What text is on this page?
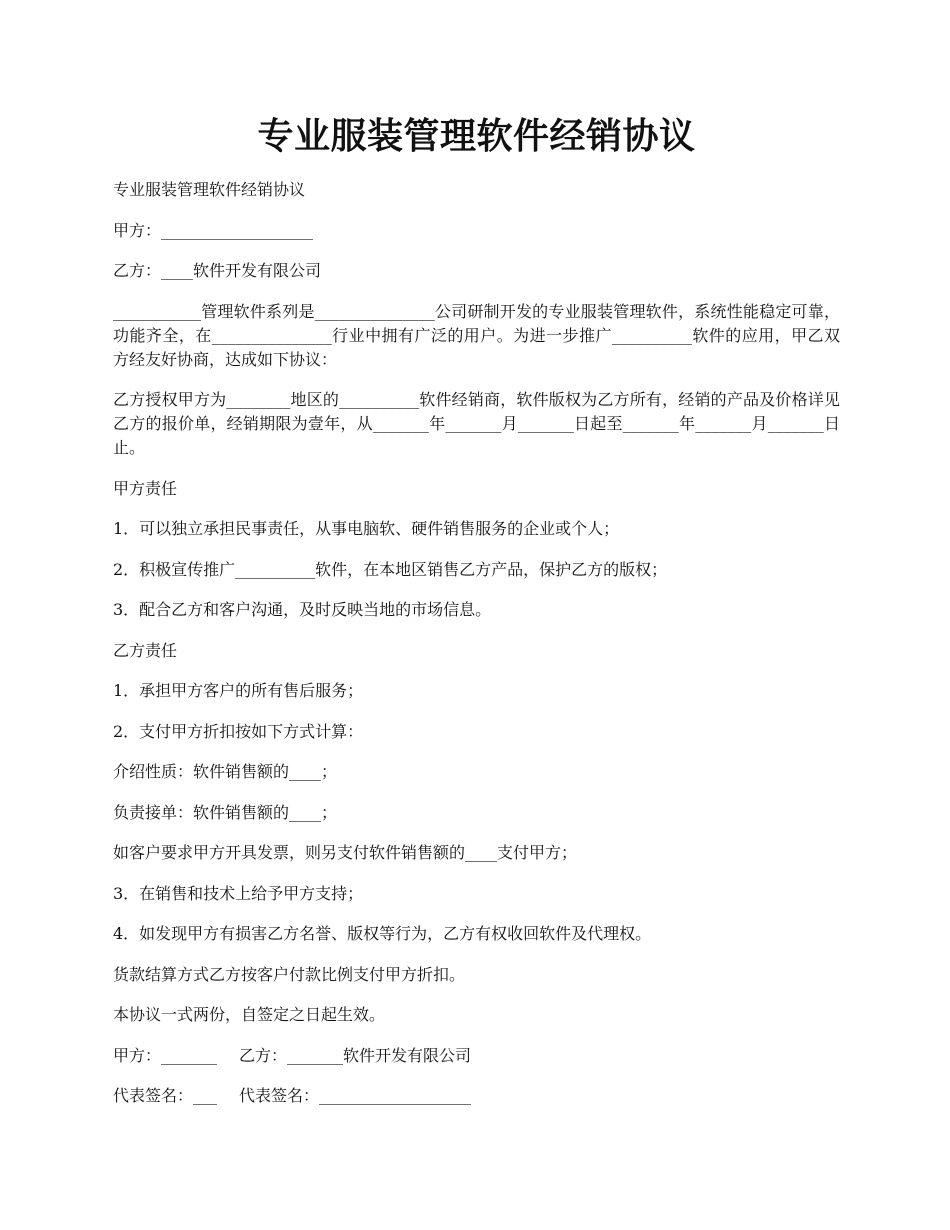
专业服装管理软件经销协议

专业服装管理软件经销协议

甲方：___________________

乙方：____软件开发有限公司

___________管理软件系列是_______________公司研制开发的专业服装管理软件，系统性能稳定可靠，功能齐全，在_______________行业中拥有广泛的用户。为进一步推广__________软件的应用，甲乙双方经友好协商，达成如下协议：

乙方授权甲方为________地区的__________软件经销商，软件版权为乙方所有，经销的产品及价格详见乙方的报价单，经销期限为壹年，从_______年_______月_______日起至_______年_______月_______日止。

甲方责任

1．可以独立承担民事责任，从事电脑软、硬件销售服务的企业或个人；

2．积极宣传推广__________软件，在本地区销售乙方产品，保护乙方的版权；

3．配合乙方和客户沟通，及时反映当地的市场信息。

乙方责任

1．承担甲方客户的所有售后服务；

2．支付甲方折扣按如下方式计算：

介绍性质：软件销售额的____；

负责接单：软件销售额的____；

如客户要求甲方开具发票，则另支付软件销售额的____支付甲方；

3．在销售和技术上给予甲方支持；

4．如发现甲方有损害乙方名誉、版权等行为，乙方有权收回软件及代理权。

货款结算方式乙方按客户付款比例支付甲方折扣。

本协议一式两份，自签定之日起生效。

甲方：_______ 乙方：_______软件开发有限公司

代表签名：___ 代表签名：___________________
